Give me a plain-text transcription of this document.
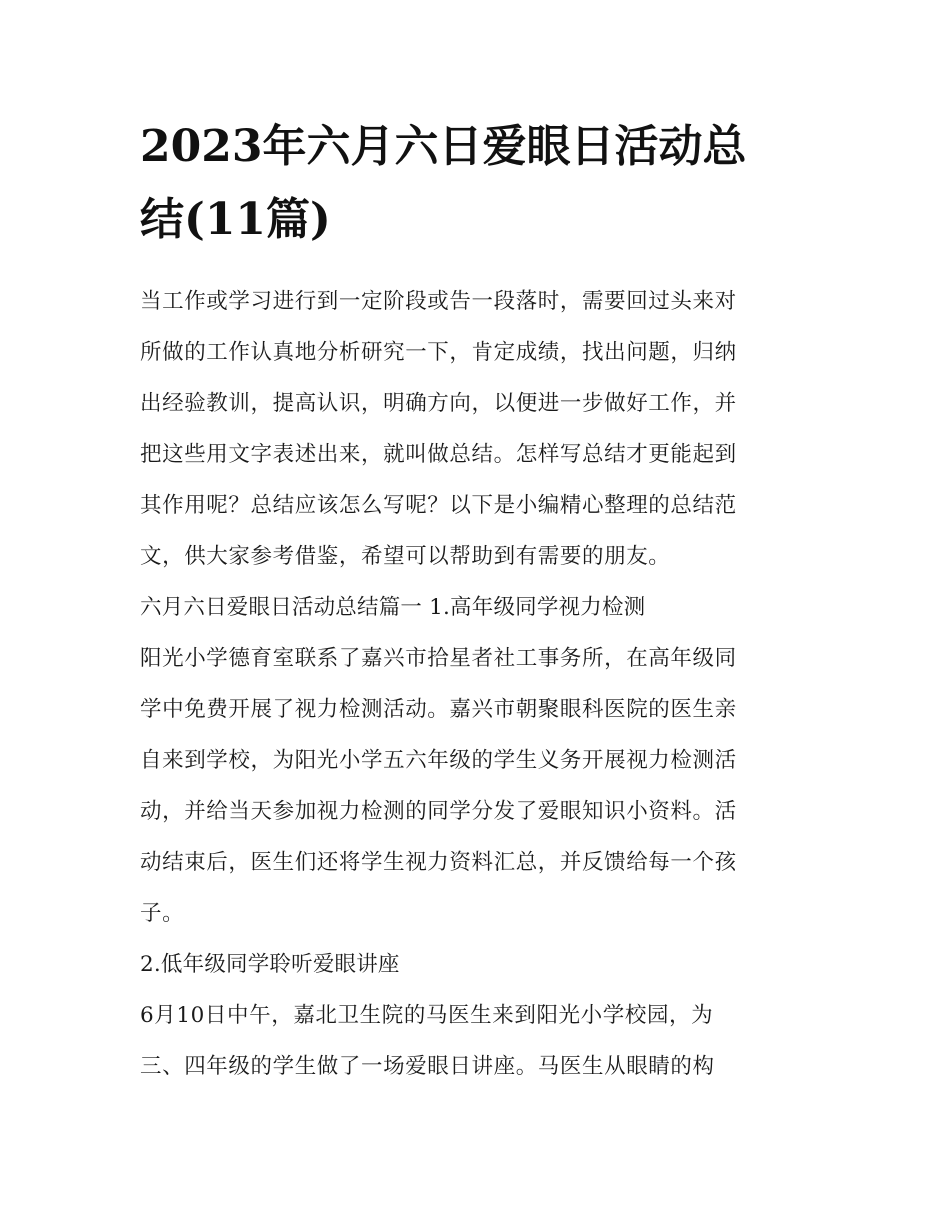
2023年六月六日爱眼日活动总
结(11篇)

当工作或学习进行到一定阶段或告一段落时，需要回过头来对
所做的工作认真地分析研究一下，肯定成绩，找出问题，归纳
出经验教训，提高认识，明确方向，以便进一步做好工作，并
把这些用文字表述出来，就叫做总结。怎样写总结才更能起到
其作用呢？总结应该怎么写呢？以下是小编精心整理的总结范
文，供大家参考借鉴，希望可以帮助到有需要的朋友。

六月六日爱眼日活动总结篇一 1.高年级同学视力检测

阳光小学德育室联系了嘉兴市拾星者社工事务所，在高年级同
学中免费开展了视力检测活动。嘉兴市朝聚眼科医院的医生亲
自来到学校，为阳光小学五六年级的学生义务开展视力检测活
动，并给当天参加视力检测的同学分发了爱眼知识小资料。活
动结束后，医生们还将学生视力资料汇总，并反馈给每一个孩
子。

2.低年级同学聆听爱眼讲座

6月10日中午，嘉北卫生院的马医生来到阳光小学校园，为
三、四年级的学生做了一场爱眼日讲座。马医生从眼睛的构
